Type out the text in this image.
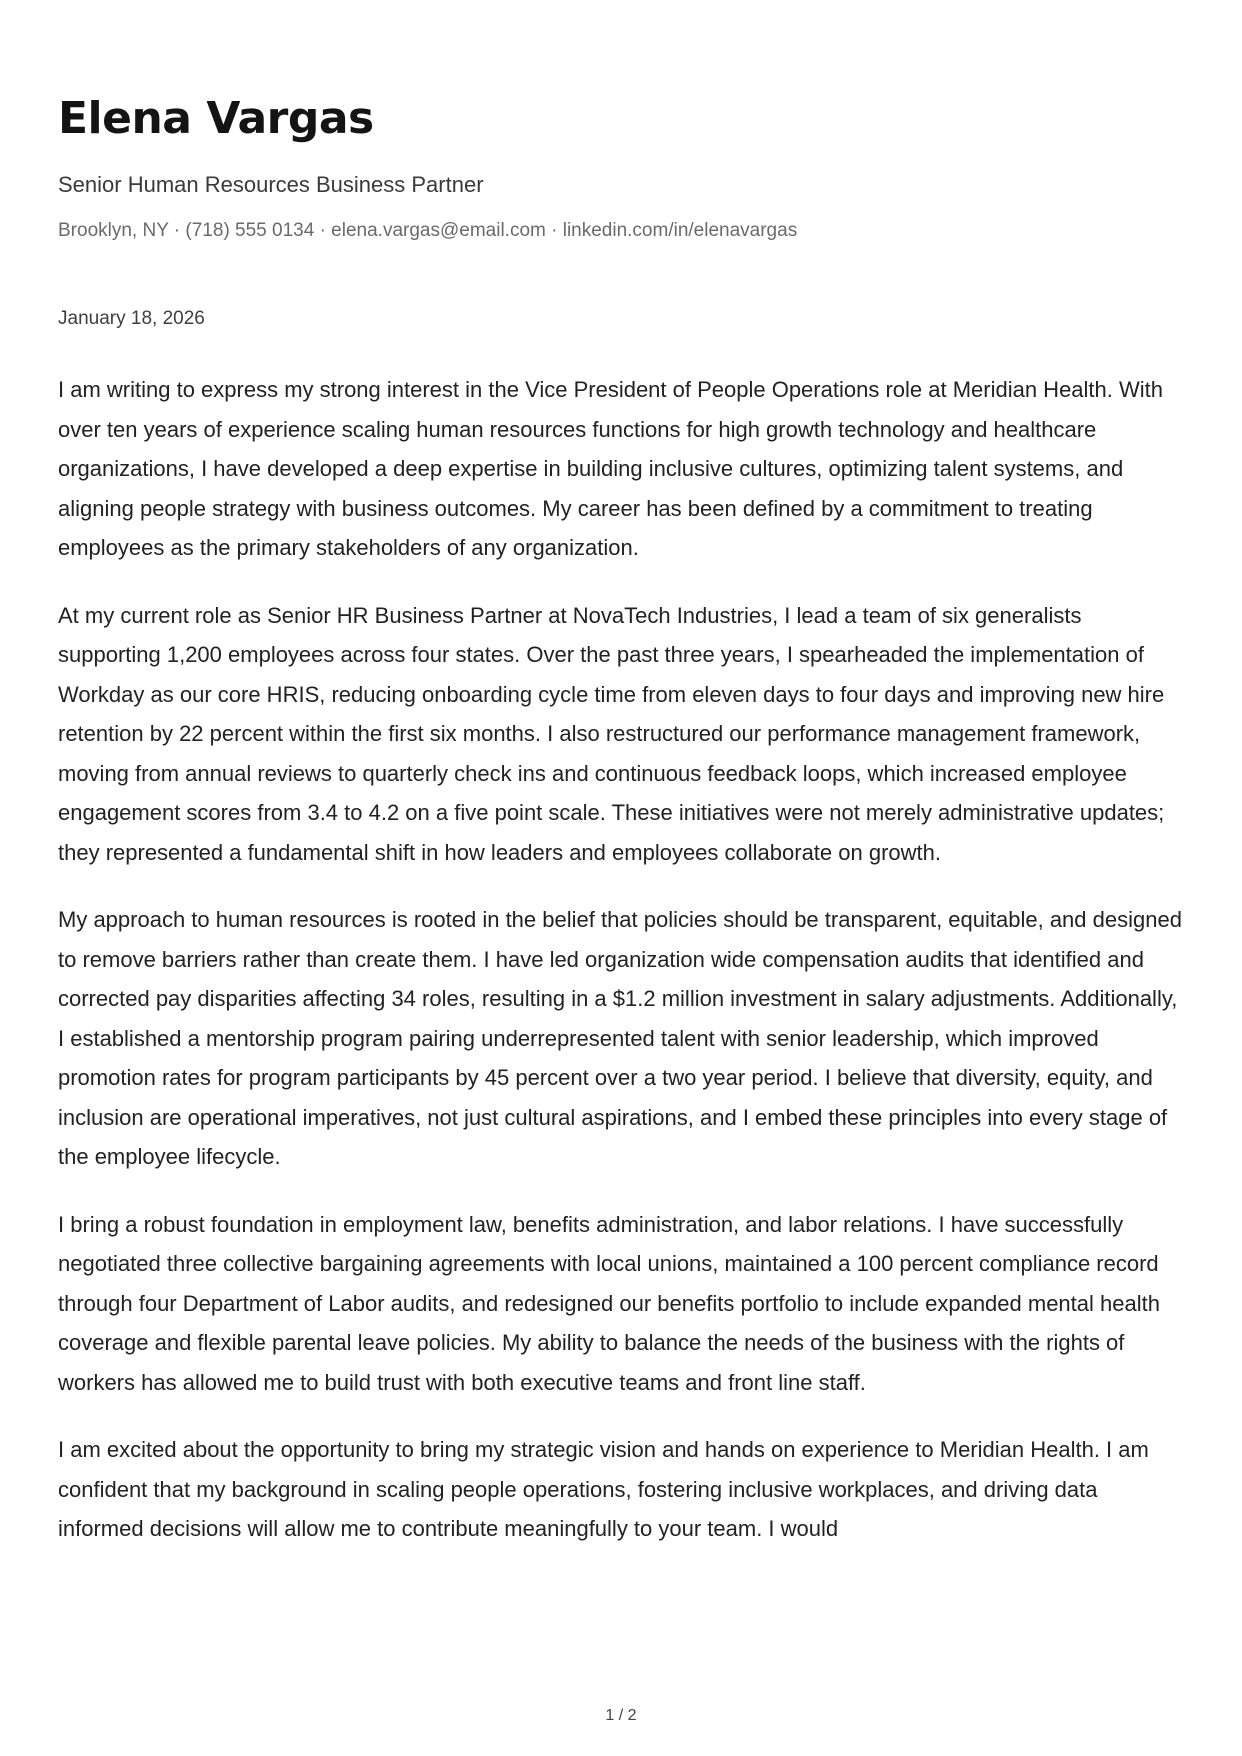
Elena Vargas
Senior Human Resources Business Partner
Brooklyn, NY · (718) 555 0134 · elena.vargas@email.com · linkedin.com/in/elenavargas
January 18, 2026

I am writing to express my strong interest in the Vice President of People Operations role at Meridian Health. With over ten years of experience scaling human resources functions for high growth technology and healthcare organizations, I have developed a deep expertise in building inclusive cultures, optimizing talent systems, and aligning people strategy with business outcomes. My career has been defined by a commitment to treating employees as the primary stakeholders of any organization.

At my current role as Senior HR Business Partner at NovaTech Industries, I lead a team of six generalists supporting 1,200 employees across four states. Over the past three years, I spearheaded the implementation of Workday as our core HRIS, reducing onboarding cycle time from eleven days to four days and improving new hire retention by 22 percent within the first six months. I also restructured our performance management framework, moving from annual reviews to quarterly check ins and continuous feedback loops, which increased employee engagement scores from 3.4 to 4.2 on a five point scale. These initiatives were not merely administrative updates; they represented a fundamental shift in how leaders and employees collaborate on growth.

My approach to human resources is rooted in the belief that policies should be transparent, equitable, and designed to remove barriers rather than create them. I have led organization wide compensation audits that identified and corrected pay disparities affecting 34 roles, resulting in a $1.2 million investment in salary adjustments. Additionally, I established a mentorship program pairing underrepresented talent with senior leadership, which improved promotion rates for program participants by 45 percent over a two year period. I believe that diversity, equity, and inclusion are operational imperatives, not just cultural aspirations, and I embed these principles into every stage of the employee lifecycle.

I bring a robust foundation in employment law, benefits administration, and labor relations. I have successfully negotiated three collective bargaining agreements with local unions, maintained a 100 percent compliance record through four Department of Labor audits, and redesigned our benefits portfolio to include expanded mental health coverage and flexible parental leave policies. My ability to balance the needs of the business with the rights of workers has allowed me to build trust with both executive teams and front line staff.

I am excited about the opportunity to bring my strategic vision and hands on experience to Meridian Health. I am confident that my background in scaling people operations, fostering inclusive workplaces, and driving data informed decisions will allow me to contribute meaningfully to your team. I would

1 / 2
